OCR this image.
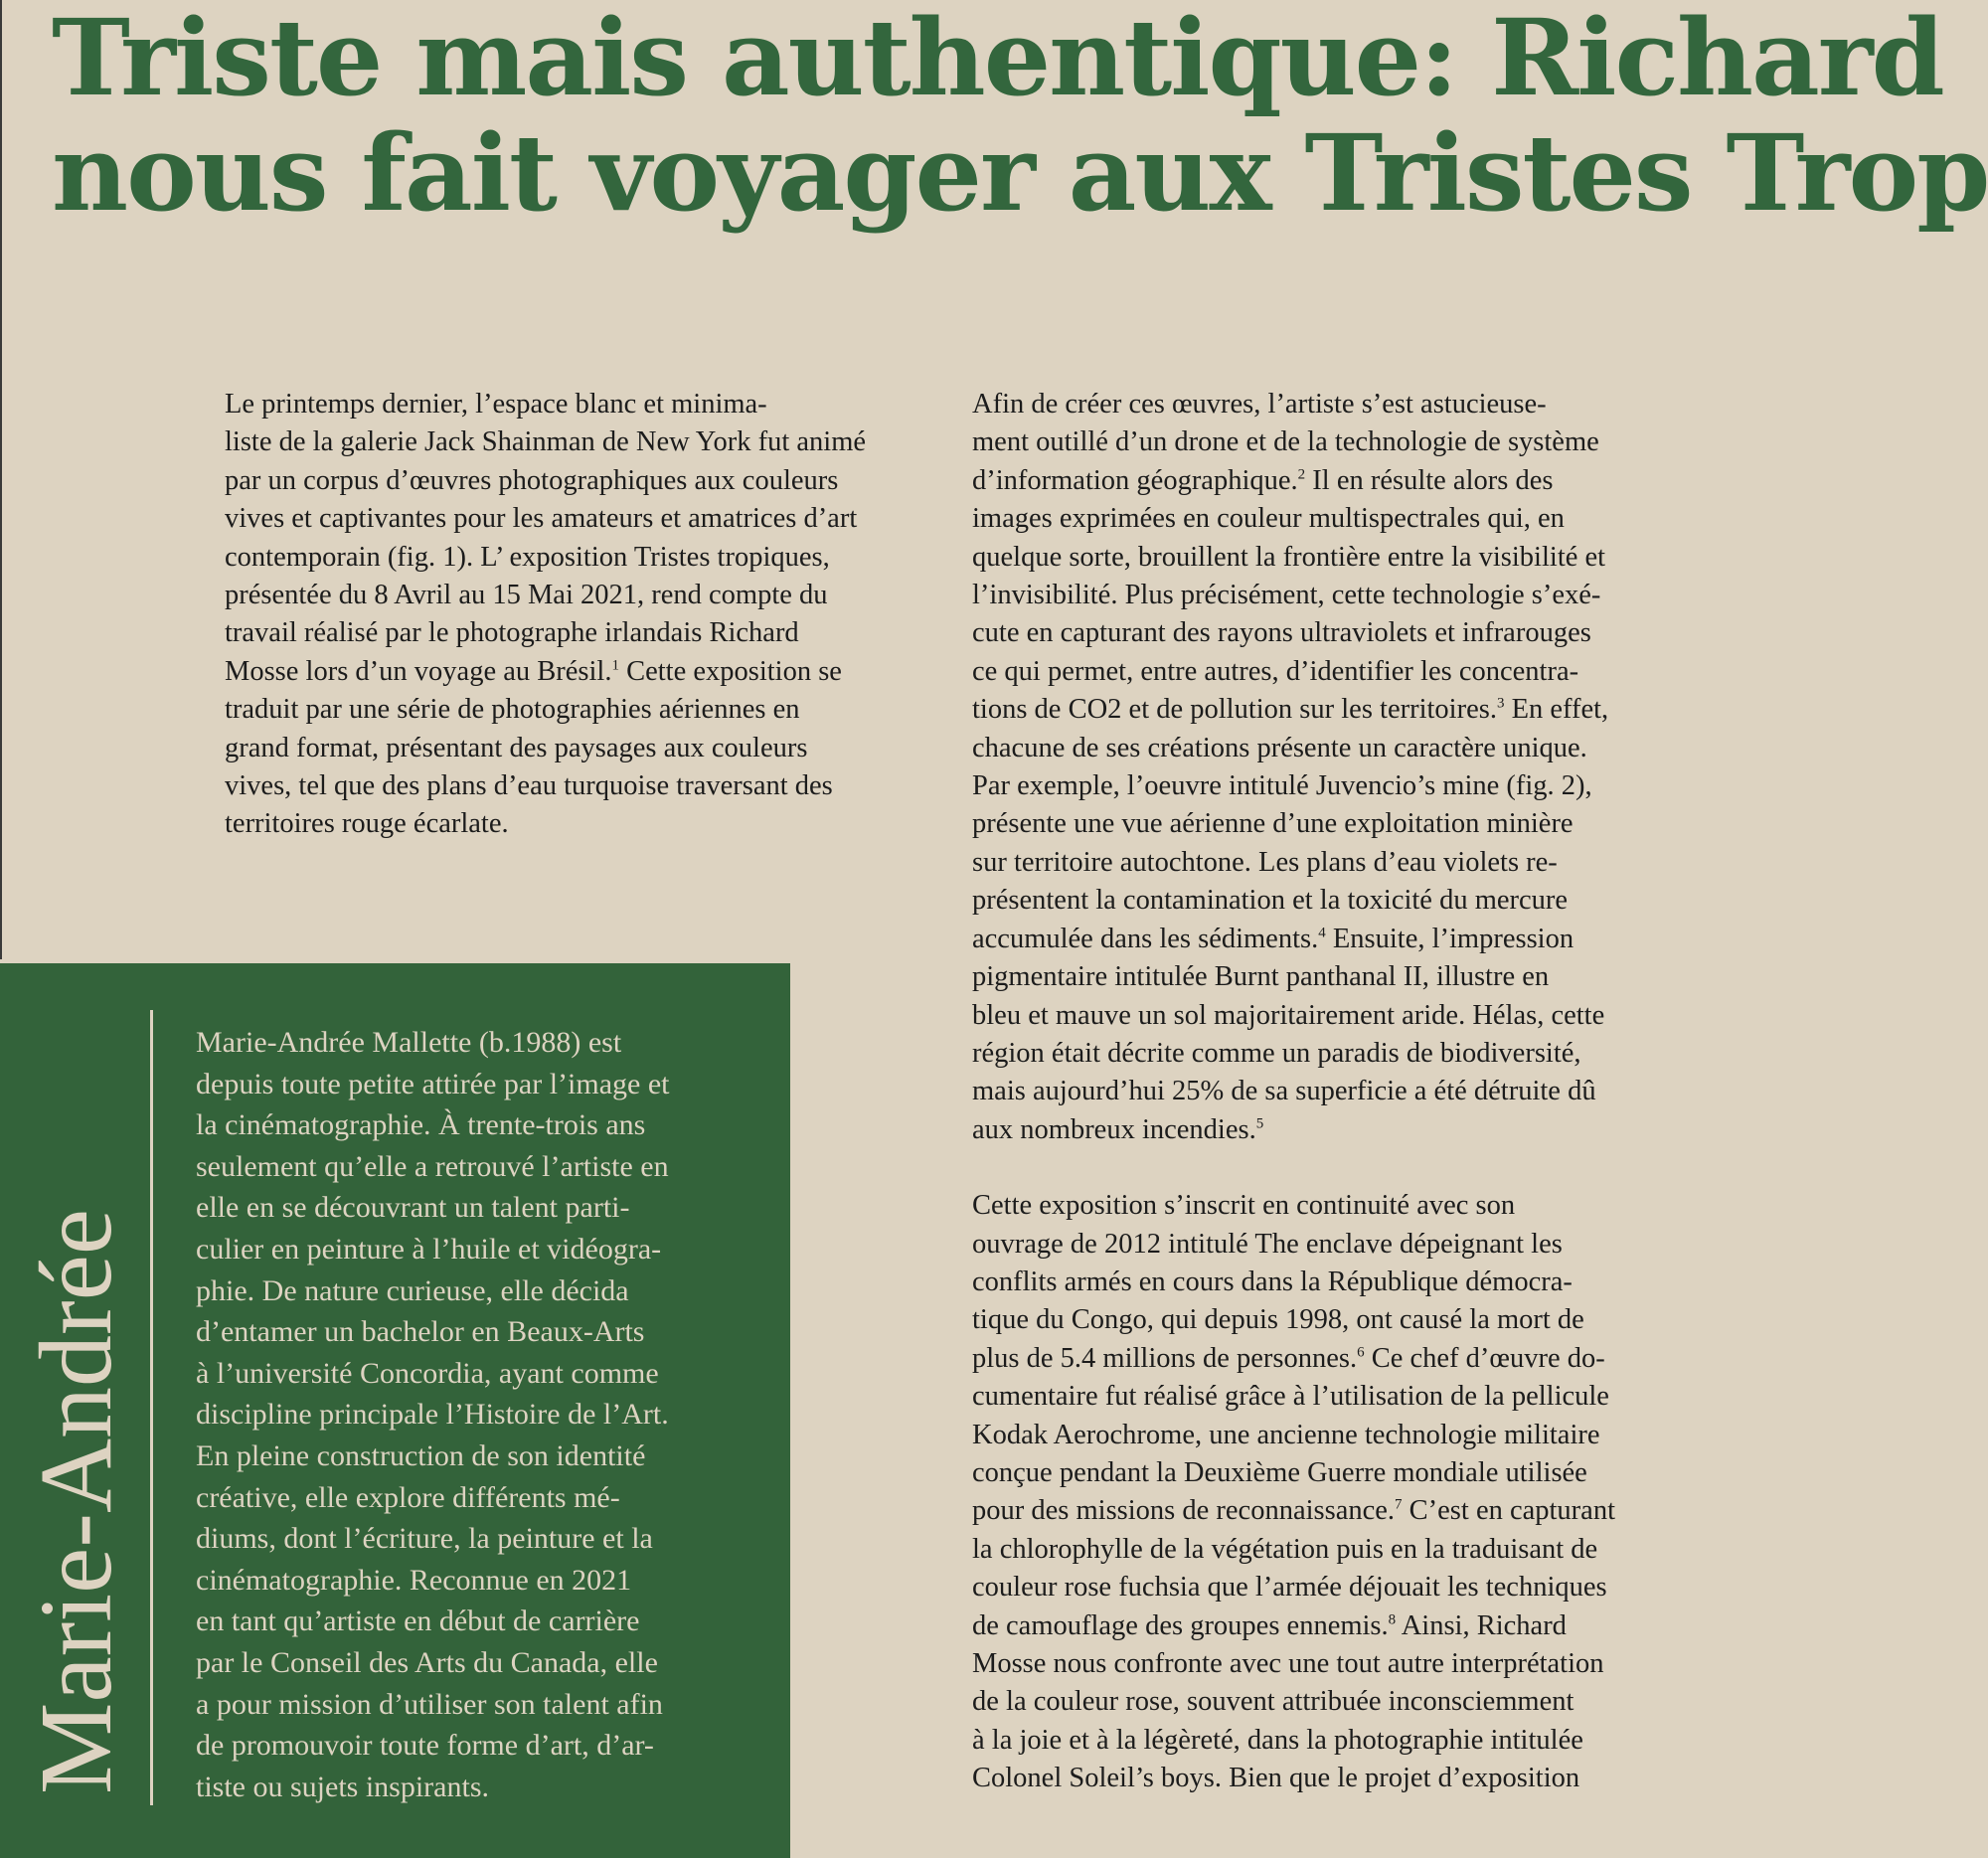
Triste mais authentique: Richard
nous fait voyager aux Tristes Trop

Le printemps dernier, l’espace blanc et minima-
liste de la galerie Jack Shainman de New York fut animé
par un corpus d’œuvres photographiques aux couleurs
vives et captivantes pour les amateurs et amatrices d’art
contemporain (fig. 1). L’ exposition Tristes tropiques,
présentée du 8 Avril au 15 Mai 2021, rend compte du
travail réalisé par le photographe irlandais Richard
Mosse lors d’un voyage au Brésil.$^1$ Cette exposition se
traduit par une série de photographies aériennes en
grand format, présentant des paysages aux couleurs
vives, tel que des plans d’eau turquoise traversant des
territoires rouge écarlate.

Afin de créer ces œuvres, l’artiste s’est astucieuse-
ment outillé d’un drone et de la technologie de système
d’information géographique.$^2$ Il en résulte alors des
images exprimées en couleur multispectrales qui, en
quelque sorte, brouillent la frontière entre la visibilité et
l’invisibilité. Plus précisément, cette technologie s’exé-
cute en capturant des rayons ultraviolets et infrarouges
ce qui permet, entre autres, d’identifier les concentra-
tions de CO2 et de pollution sur les territoires.$^3$ En effet,
chacune de ses créations présente un caractère unique.
Par exemple, l’oeuvre intitulé Juvencio’s mine (fig. 2),
présente une vue aérienne d’une exploitation minière
sur territoire autochtone. Les plans d’eau violets re-
présentent la contamination et la toxicité du mercure
accumulée dans les sédiments.$^4$ Ensuite, l’impression
pigmentaire intitulée Burnt panthanal II, illustre en
bleu et mauve un sol majoritairement aride. Hélas, cette
région était décrite comme un paradis de biodiversité,
mais aujourd’hui 25% de sa superficie a été détruite dû
aux nombreux incendies.$^5$

Cette exposition s’inscrit en continuité avec son
ouvrage de 2012 intitulé The enclave dépeignant les
conflits armés en cours dans la République démocra-
tique du Congo, qui depuis 1998, ont causé la mort de
plus de 5.4 millions de personnes.$^6$ Ce chef d’œuvre do-
cumentaire fut réalisé grâce à l’utilisation de la pellicule
Kodak Aerochrome, une ancienne technologie militaire
conçue pendant la Deuxième Guerre mondiale utilisée
pour des missions de reconnaissance.$^7$ C’est en capturant
la chlorophylle de la végétation puis en la traduisant de
couleur rose fuchsia que l’armée déjouait les techniques
de camouflage des groupes ennemis.$^8$ Ainsi, Richard
Mosse nous confronte avec une tout autre interprétation
de la couleur rose, souvent attribuée inconsciemment
à la joie et à la légèreté, dans la photographie intitulée
Colonel Soleil’s boys. Bien que le projet d’exposition

Marie-Andrée
Marie-Andrée Mallette (b.1988) est
depuis toute petite attirée par l’image et
la cinématographie. À trente-trois ans
seulement qu’elle a retrouvé l’artiste en
elle en se découvrant un talent parti-
culier en peinture à l’huile et vidéogra-
phie. De nature curieuse, elle décida
d’entamer un bachelor en Beaux-Arts
à l’université Concordia, ayant comme
discipline principale l’Histoire de l’Art.
En pleine construction de son identité
créative, elle explore différents mé-
diums, dont l’écriture, la peinture et la
cinématographie. Reconnue en 2021
en tant qu’artiste en début de carrière
par le Conseil des Arts du Canada, elle
a pour mission d’utiliser son talent afin
de promouvoir toute forme d’art, d’ar-
tiste ou sujets inspirants.
